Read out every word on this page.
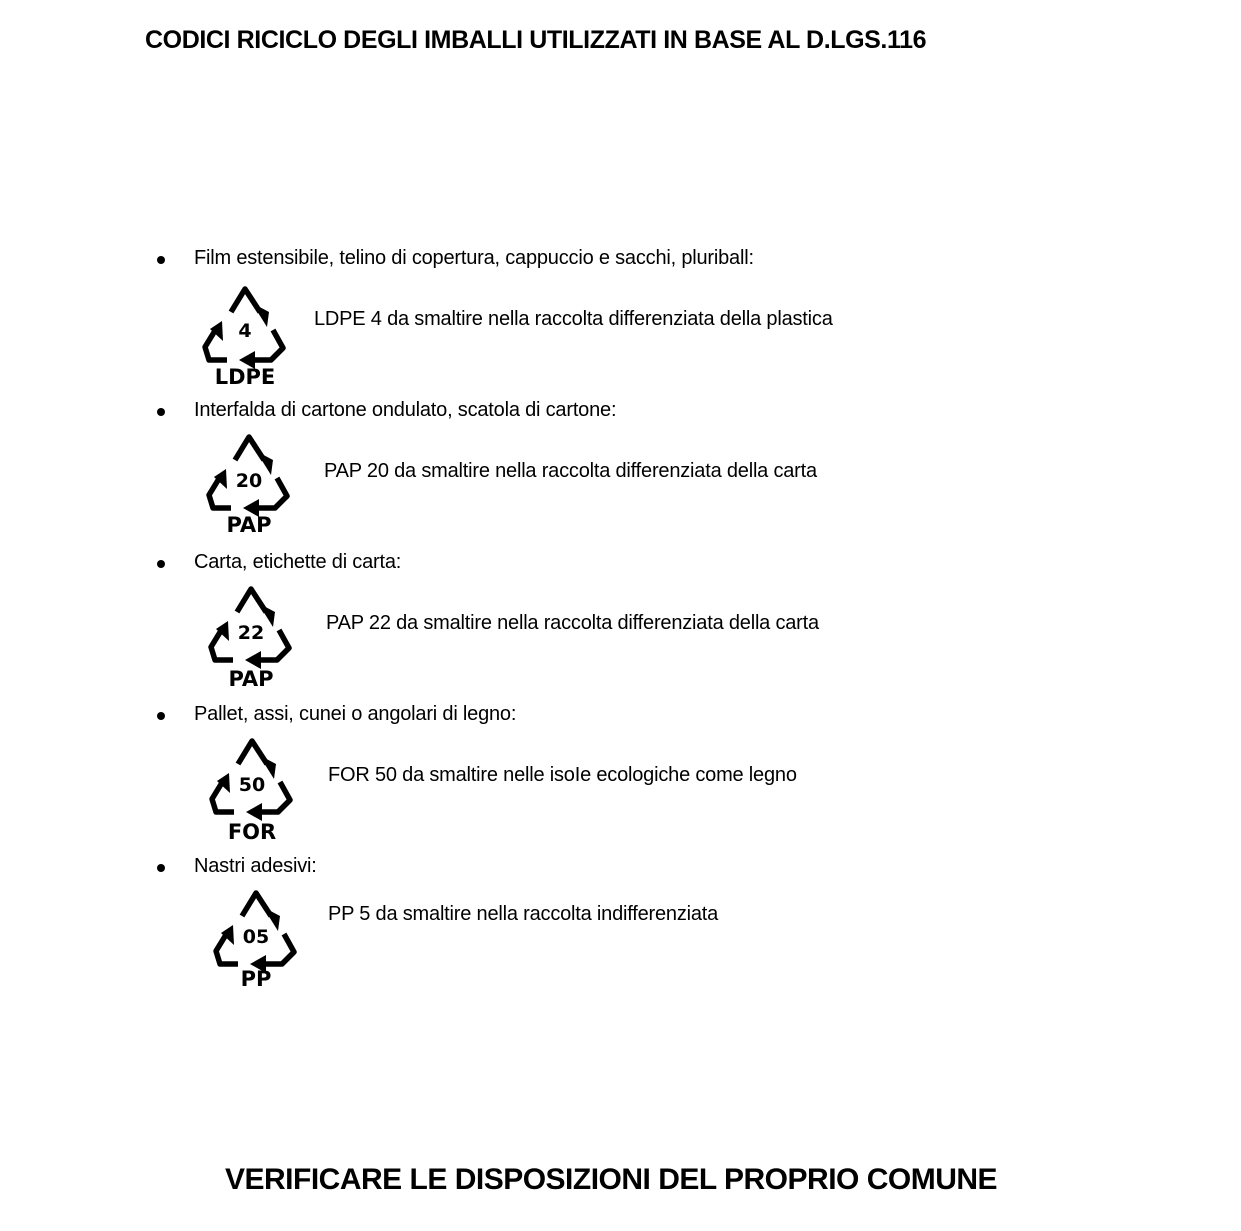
CODICI RICICLO DEGLI IMBALLI UTILIZZATI IN BASE AL D.LGS.116
Film estensibile, telino di copertura, cappuccio e sacchi, pluriball:
4
LDPE
LDPE 4 da smaltire nella raccolta differenziata della plastica
Interfalda di cartone ondulato, scatola di cartone:
20
PAP
PAP 20 da smaltire nella raccolta differenziata della carta
Carta, etichette di carta:
22
PAP
PAP 22 da smaltire nella raccolta differenziata della carta
Pallet, assi, cunei o angolari di legno:
50
FOR
FOR 50 da smaltire nelle isoIe ecologiche come legno
Nastri adesivi:
05
PP
PP 5 da smaltire nella raccolta indifferenziata
VERIFICARE LE DISPOSIZIONI DEL PROPRIO COMUNE
